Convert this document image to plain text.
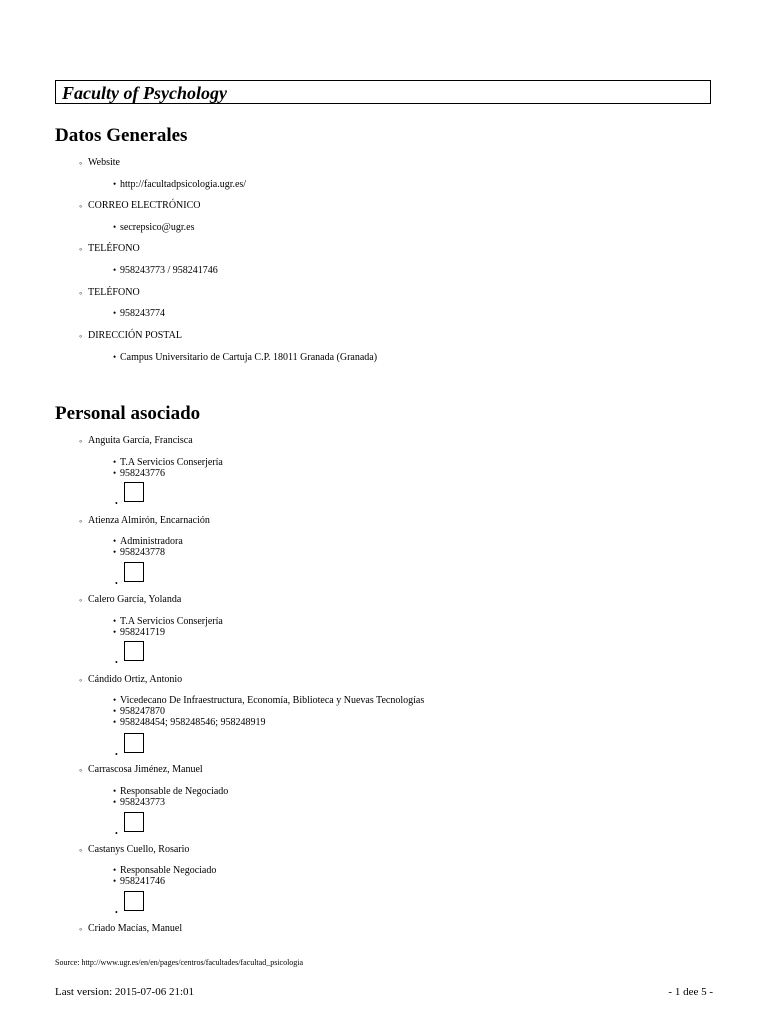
Faculty of Psychology
Datos Generales
◦ Website
• http://facultadpsicologia.ugr.es/
◦ CORREO ELECTRÓNICO
• secrepsico@ugr.es
◦ TELÉFONO
• 958243773 / 958241746
◦ TELÉFONO
• 958243774
◦ DIRECCIÓN POSTAL
• Campus Universitario de Cartuja C.P. 18011 Granada (Granada)
Personal asociado
◦ Anguita García, Francisca
• T.A Servicios Conserjería
• 958243776
•
◦ Atienza Almirón, Encarnación
• Administradora
• 958243778
•
◦ Calero García, Yolanda
• T.A Servicios Conserjería
• 958241719
•
◦ Cándido Ortiz, Antonio
• Vicedecano De Infraestructura, Economía, Biblioteca y Nuevas Tecnologías
• 958247870
• 958248454; 958248546; 958248919
•
◦ Carrascosa Jiménez, Manuel
• Responsable de Negociado
• 958243773
•
◦ Castanys Cuello, Rosario
• Responsable Negociado
• 958241746
•
◦ Criado Macías, Manuel
Source: http://www.ugr.es/en/en/pages/centros/facultades/facultad_psicologia
Last version: 2015-07-06 21:01	- 1 dee 5 -
